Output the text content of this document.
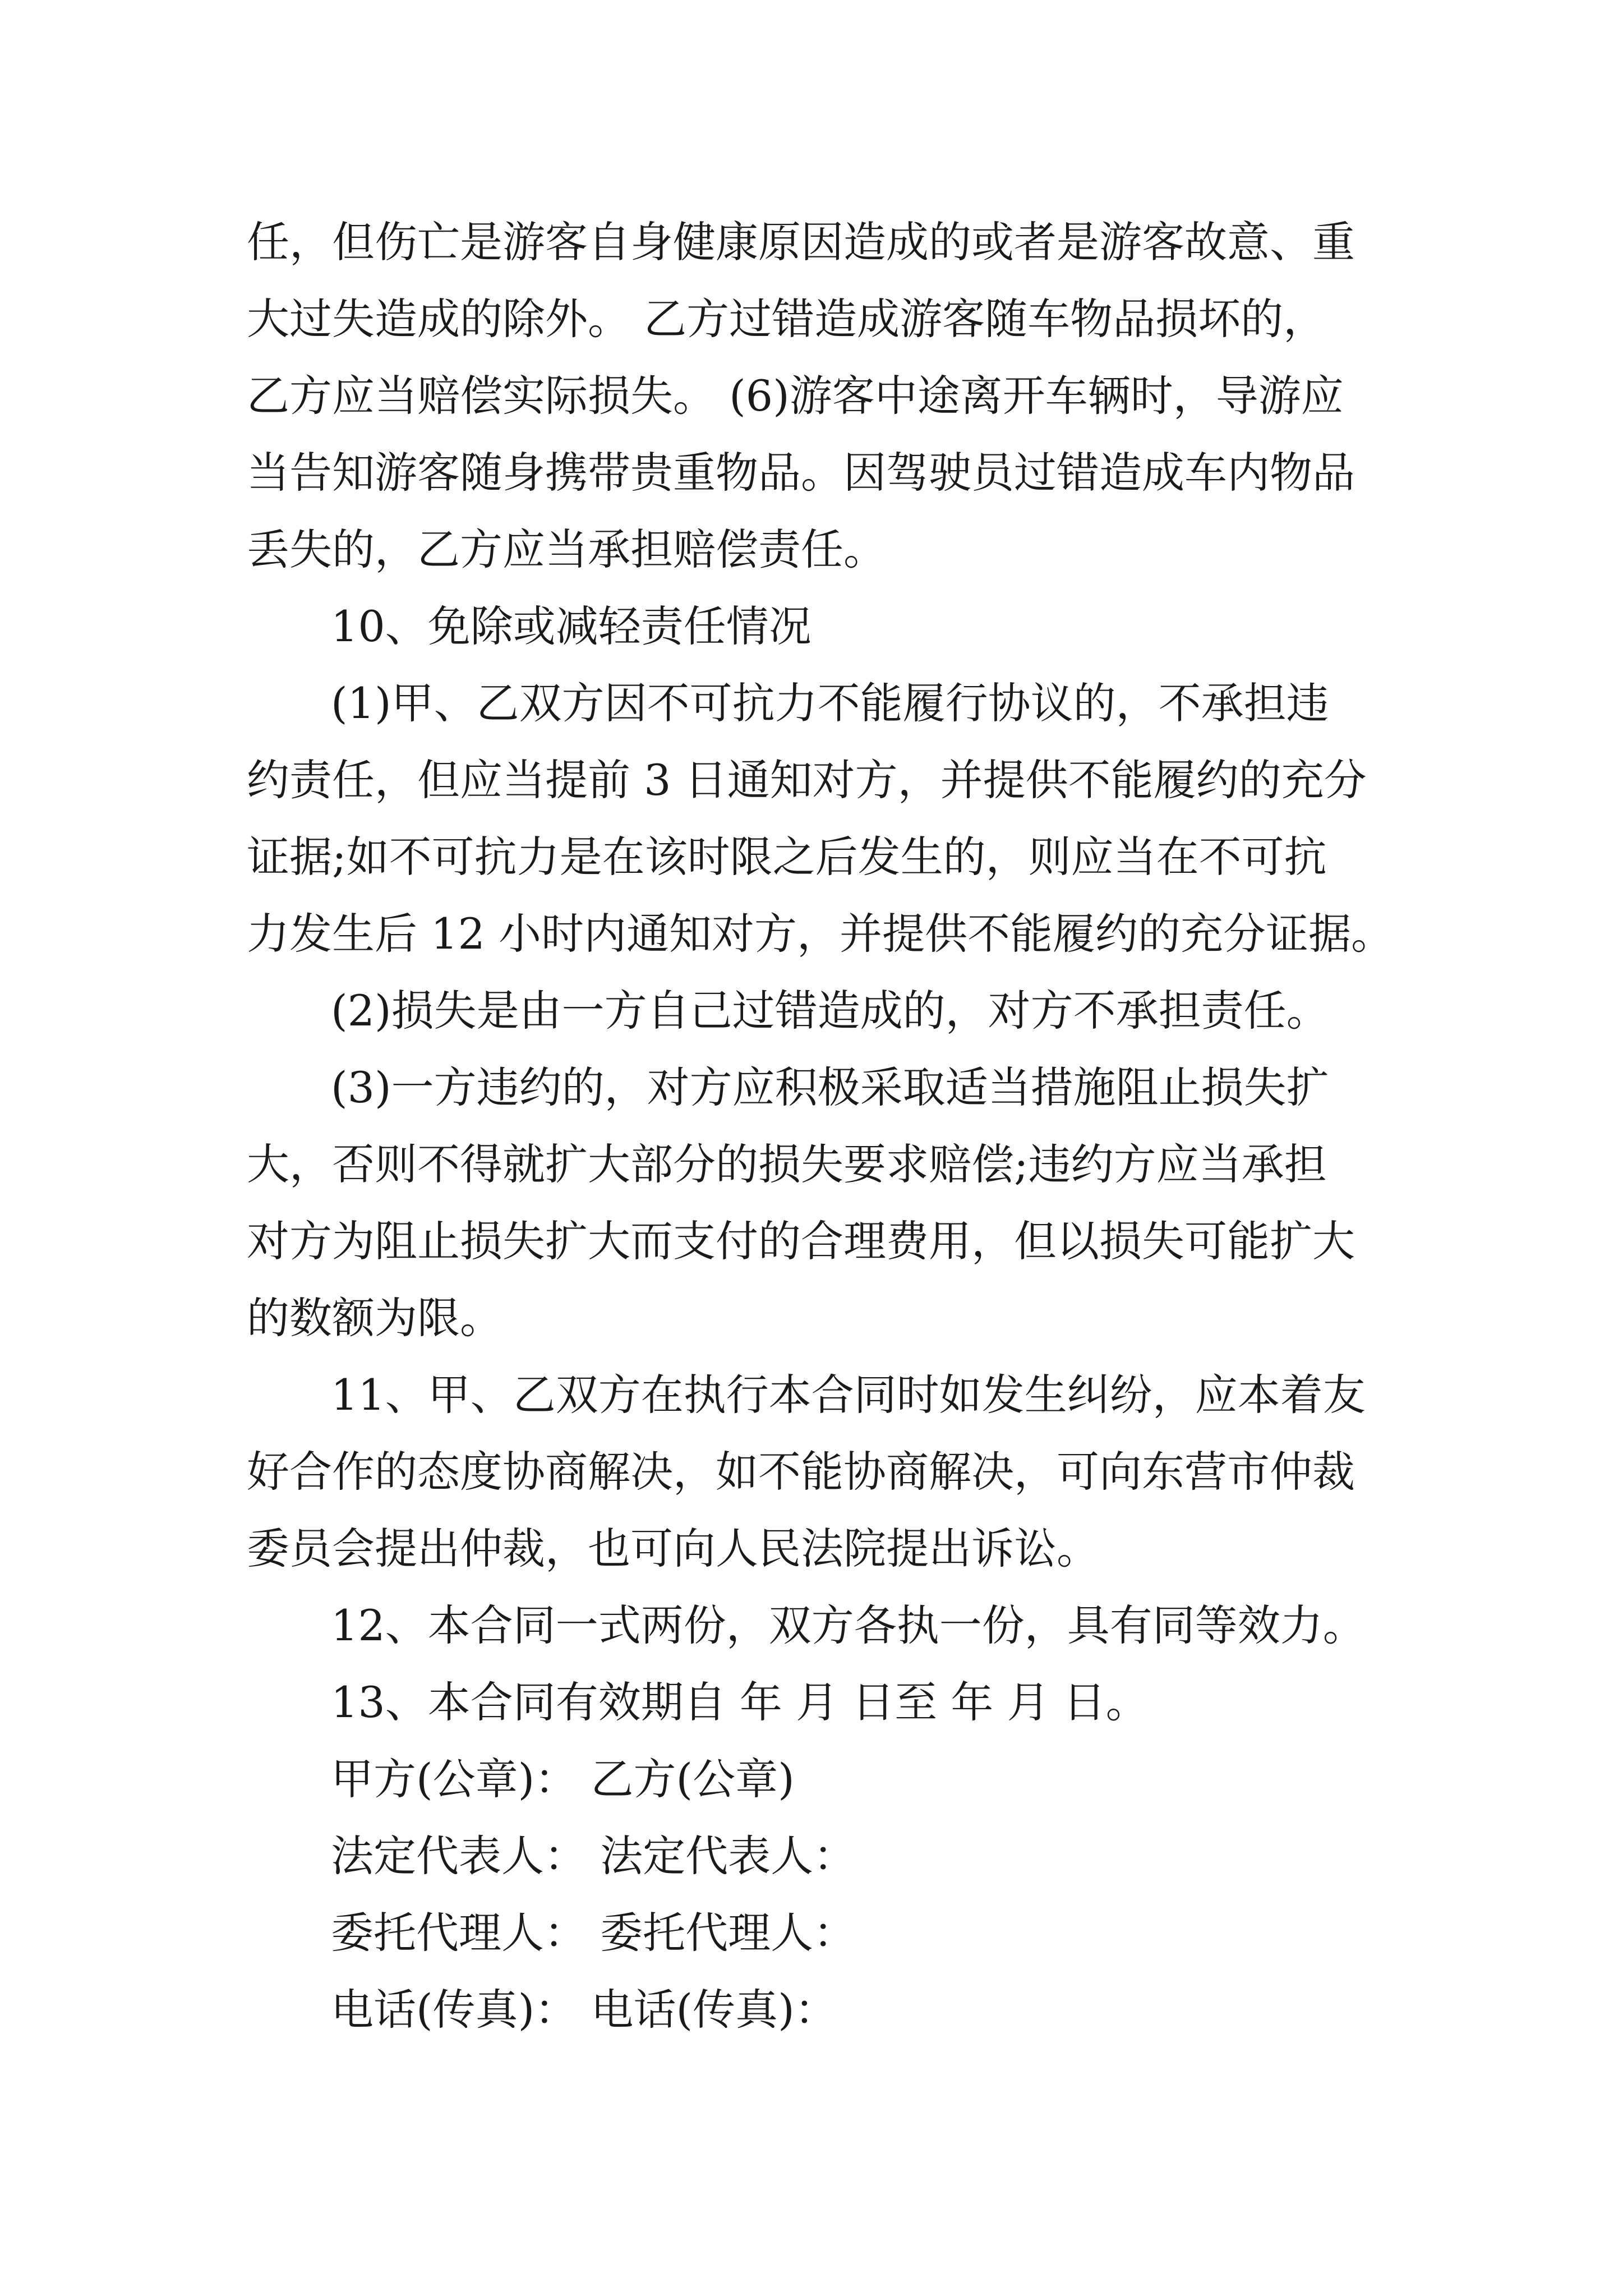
任，但伤亡是游客自身健康原因造成的或者是游客故意、重
大过失造成的除外。 乙方过错造成游客随车物品损坏的，
乙方应当赔偿实际损失。 (6)游客中途离开车辆时，导游应
当告知游客随身携带贵重物品。因驾驶员过错造成车内物品
丢失的，乙方应当承担赔偿责任。
10、免除或减轻责任情况
(1)甲、乙双方因不可抗力不能履行协议的，不承担违
约责任，但应当提前 3 日通知对方，并提供不能履约的充分
证据;如不可抗力是在该时限之后发生的，则应当在不可抗
力发生后 12 小时内通知对方，并提供不能履约的充分证据。
(2)损失是由一方自己过错造成的，对方不承担责任。
(3)一方违约的，对方应积极采取适当措施阻止损失扩
大，否则不得就扩大部分的损失要求赔偿;违约方应当承担
对方为阻止损失扩大而支付的合理费用，但以损失可能扩大
的数额为限。
11、甲、乙双方在执行本合同时如发生纠纷，应本着友
好合作的态度协商解决，如不能协商解决，可向东营市仲裁
委员会提出仲裁，也可向人民法院提出诉讼。
12、本合同一式两份，双方各执一份，具有同等效力。
13、本合同有效期自 年 月 日至 年 月 日。
甲方(公章)： 乙方(公章)
法定代表人： 法定代表人：
委托代理人： 委托代理人：
电话(传真)： 电话(传真)：
